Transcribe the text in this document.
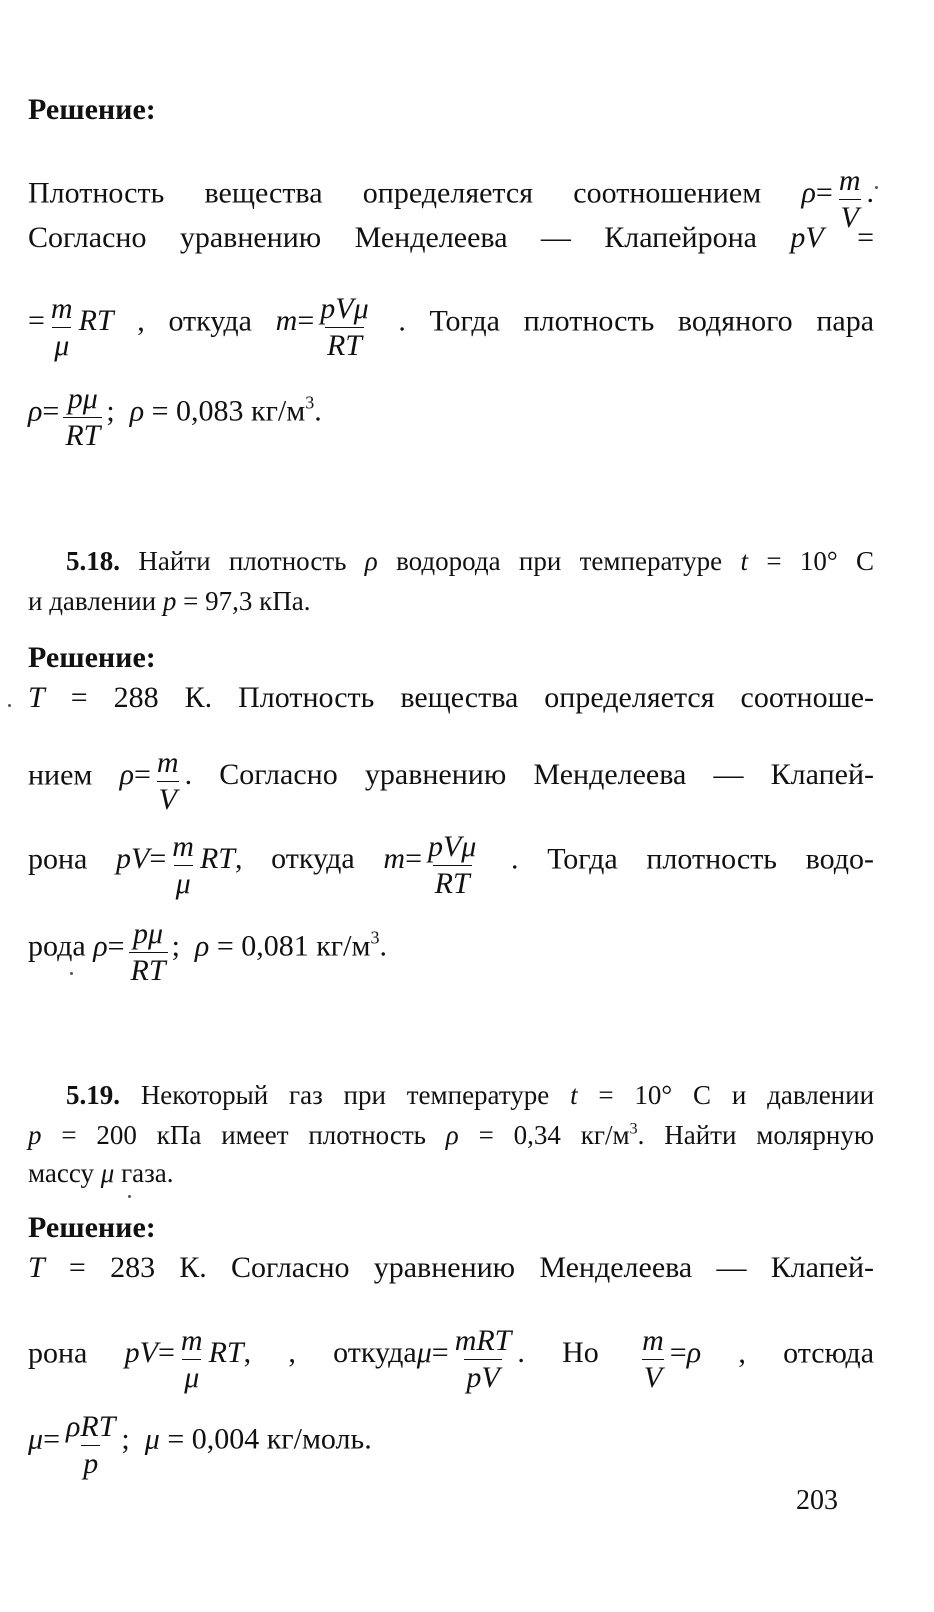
Решение:
Плотность вещества определяется соотношением $\rho= \frac{m}{V}$ .
Согласно уравнению Менделеева — Клапейрона pV =
= $\frac{m}{\mu}$ RT , откуда m= pVμ
RT
. Тогда плотность водяного пара
$\rho= \frac{p\mu}{RT}$ ; ρ = 0,083 $кг/м^3$.
5.18. Найти плотность ρ водорода при температуре t = 10° С
и давлении p = 97,3 кПа.
Решение:
T = 288 К. Плотность вещества определяется соотноше-
нием $\rho= \frac{m}{V}$ . Согласно уравнению Менделеева — Клапей-
рона $pV= \frac{m}{\mu}$ RT, откуда m= pVμ
RT
. Тогда плотность водо-
рода $\rho= \frac{p\mu}{RT}$ ; ρ = 0,081 $кг/м^3$.
5.19. Некоторый газ при температуре t = 10° С и давлении
p = 200 кПа имеет плотность ρ = 0,34 $кг/м^3$. Найти молярную
массу μ газа.
Решение:
T = 283 К. Согласно уравнению Менделеева — Клапей-
рона $pV= \frac{m}{\mu}$ RT, , откудаμ= mRT
pV
. Но $\frac{m}{V} =\rho$ , отсюда
μ= ρRT
p
; μ = 0,004 кг/моль.
203
